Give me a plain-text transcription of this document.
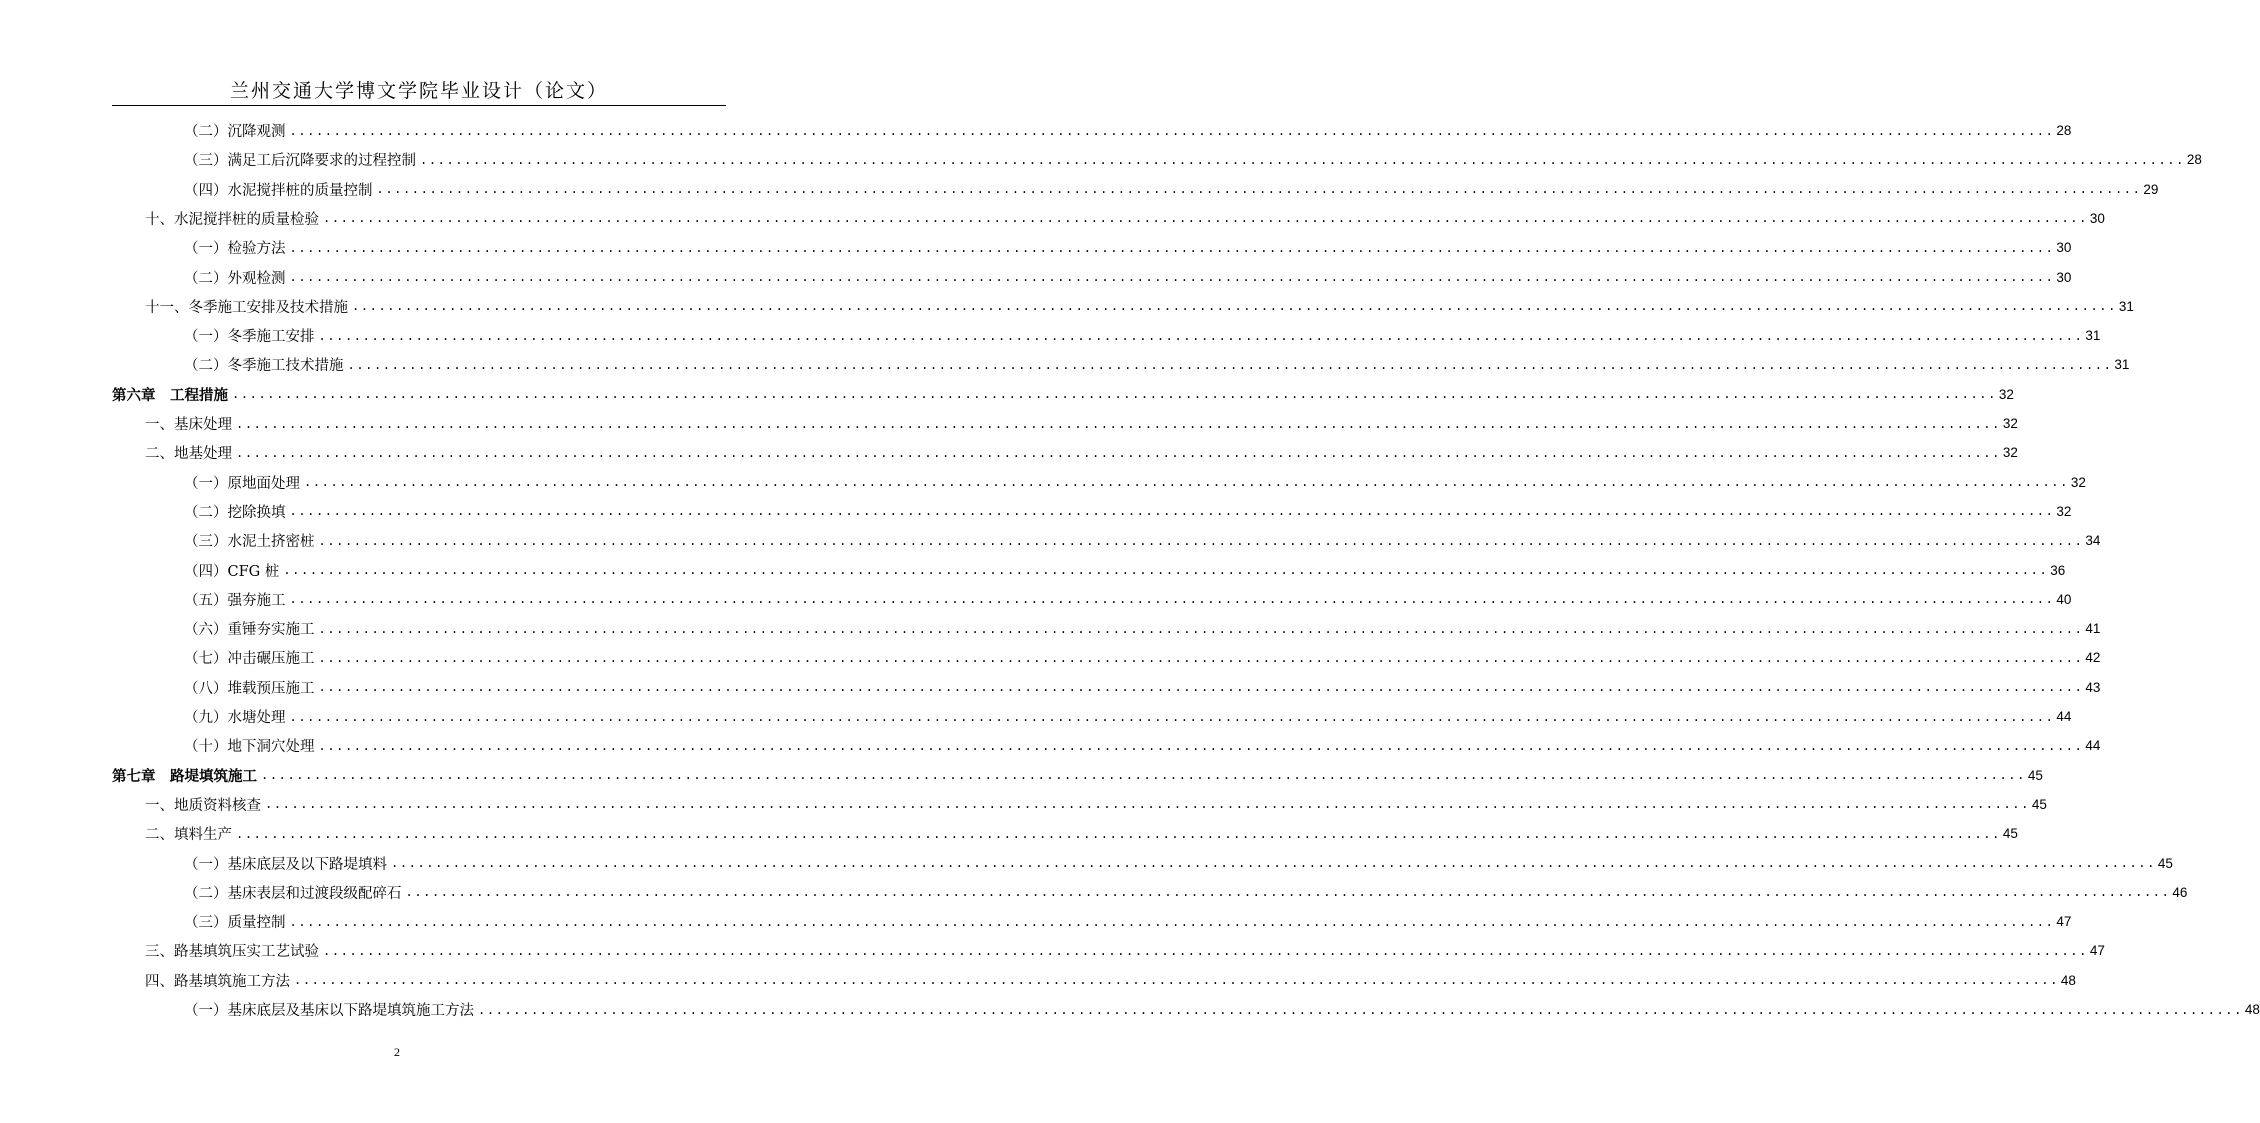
兰州交通大学博文学院毕业设计（论文）
（二）沉降观测 ........................................................................................................................................................................................................ 28
（三）满足工后沉降要求的过程控制 ........................................................................................................................................................................................................ 28
（四）水泥搅拌桩的质量控制 ........................................................................................................................................................................................................ 29
十、水泥搅拌桩的质量检验 ........................................................................................................................................................................................................ 30
（一）检验方法 ........................................................................................................................................................................................................ 30
（二）外观检测 ........................................................................................................................................................................................................ 30
十一、冬季施工安排及技术措施 ........................................................................................................................................................................................................ 31
（一）冬季施工安排 ........................................................................................................................................................................................................ 31
（二）冬季施工技术措施 ........................................................................................................................................................................................................ 31
第六章　工程措施 ........................................................................................................................................................................................................ 32
一、基床处理 ........................................................................................................................................................................................................ 32
二、地基处理 ........................................................................................................................................................................................................ 32
（一）原地面处理 ........................................................................................................................................................................................................ 32
（二）挖除换填 ........................................................................................................................................................................................................ 32
（三）水泥土挤密桩 ........................................................................................................................................................................................................ 34
（四）CFG 桩 ........................................................................................................................................................................................................ 36
（五）强夯施工 ........................................................................................................................................................................................................ 40
（六）重锤夯实施工 ........................................................................................................................................................................................................ 41
（七）冲击碾压施工 ........................................................................................................................................................................................................ 42
（八）堆载预压施工 ........................................................................................................................................................................................................ 43
（九）水塘处理 ........................................................................................................................................................................................................ 44
（十）地下洞穴处理 ........................................................................................................................................................................................................ 44
第七章　路堤填筑施工 ........................................................................................................................................................................................................ 45
一、地质资料核查 ........................................................................................................................................................................................................ 45
二、填料生产 ........................................................................................................................................................................................................ 45
（一）基床底层及以下路堤填料 ........................................................................................................................................................................................................ 45
（二）基床表层和过渡段级配碎石 ........................................................................................................................................................................................................ 46
（三）质量控制 ........................................................................................................................................................................................................ 47
三、路基填筑压实工艺试验 ........................................................................................................................................................................................................ 47
四、路基填筑施工方法 ........................................................................................................................................................................................................ 48
（一）基床底层及基床以下路堤填筑施工方法 ........................................................................................................................................................................................................ 48
2
